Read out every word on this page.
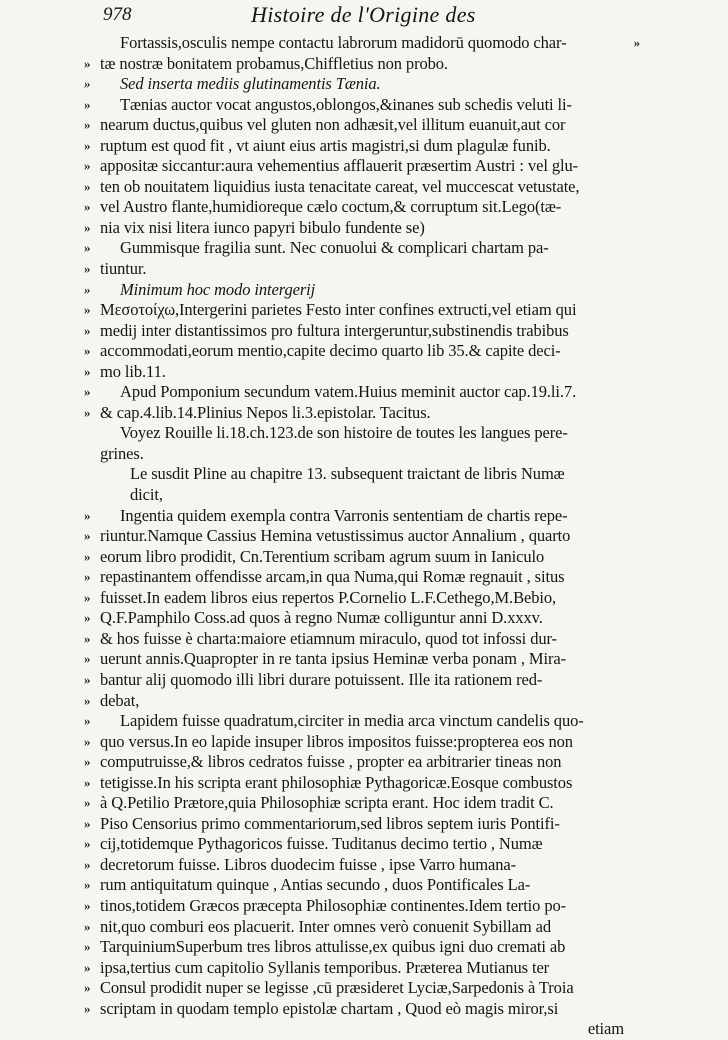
978	Histoire de l'Origine des
»
Fortassis,osculis nempe contactu labrorum madidorū quomodo char-
» tæ nostræ bonitatem probamus,Chiffletius non probo.
» Sed inserta mediis glutinamentis Tænia.
» Tænias auctor vocat angustos,oblongos,&inanes sub schedis veluti li-
» nearum ductus,quibus vel gluten non adhæsit,vel illitum euanuit,aut cor
» ruptum est quod fit , vt aiunt eius artis magistri,si dum plagulæ funib.
» appositæ siccantur:aura vehementius afflauerit præsertim Austri : vel glu-
» ten ob nouitatem liquidius iusta tenacitate careat, vel muccescat vetustate,
» vel Austro flante,humidioreque cælo coctum,& corruptum sit.Lego(tæ-
» nia vix nisi litera iunco papyri bibulo fundente se)
» Gummisque fragilia sunt. Nec conuolui & complicari chartam pa-
» tiuntur.
» Minimum hoc modo intergerij
» Μεσοτοίχω,Intergerini parietes Festo inter confines extructi,vel etiam qui
» medij inter distantissimos pro fultura intergeruntur,substinendis trabibus
» accommodati,eorum mentio,capite decimo quarto lib 35.& capite deci-
» mo lib.11.
» Apud Pomponium secundum vatem.Huius meminit auctor cap.19.li.7.
» & cap.4.lib.14.Plinius Nepos li.3.epistolar. Tacitus.
Voyez Rouille li.18.ch.123.de son histoire de toutes les langues pere-
grines.
Le susdit Pline au chapitre 13. subsequent traictant de libris Numæ
dicit,
» Ingentia quidem exempla contra Varronis sententiam de chartis repe-
» riuntur.Namque Cassius Hemina vetustissimus auctor Annalium , quarto
» eorum libro prodidit, Cn.Terentium scribam agrum suum in Ianiculo
» repastinantem offendisse arcam,in qua Numa,qui Romæ regnauit , situs
» fuisset.In eadem libros eius repertos P.Cornelio L.F.Cethego,M.Bebio,
» Q.F.Pamphilo Coss.ad quos à regno Numæ colliguntur anni D.xxxv.
» & hos fuisse è charta:maiore etiamnum miraculo, quod tot infossi dur-
» uerunt annis.Quapropter in re tanta ipsius Heminæ verba ponam , Mira-
» bantur alij quomodo illi libri durare potuissent. Ille ita rationem red-
» debat,
» Lapidem fuisse quadratum,circiter in media arca vinctum candelis quo-
» quo versus.In eo lapide insuper libros impositos fuisse:propterea eos non
» computruisse,& libros cedratos fuisse , propter ea arbitrarier tineas non
» tetigisse.In his scripta erant philosophiæ Pythagoricæ.Eosque combustos
» à Q.Petilio Prætore,quia Philosophiæ scripta erant. Hoc idem tradit C.
» Piso Censorius primo commentariorum,sed libros septem iuris Pontifi-
» cij,totidemque Pythagoricos fuisse. Tuditanus decimo tertio , Numæ
» decretorum fuisse. Libros duodecim fuisse , ipse Varro humana-
» rum antiquitatum quinque , Antias secundo , duos Pontificales La-
» tinos,totidem Græcos præcepta Philosophiæ continentes.Idem tertio po-
» nit,quo comburi eos placuerit. Inter omnes verò conuenit Sybillam ad
» TarquiniumSuperbum tres libros attulisse,ex quibus igni duo cremati ab
» ipsa,tertius cum capitolio Syllanis temporibus. Præterea Mutianus ter
» Consul prodidit nuper se legisse ,cū præsideret Lyciæ,Sarpedonis à Troia
» scriptam in quodam templo epistolæ chartam , Quod eò magis miror,si
etiam
